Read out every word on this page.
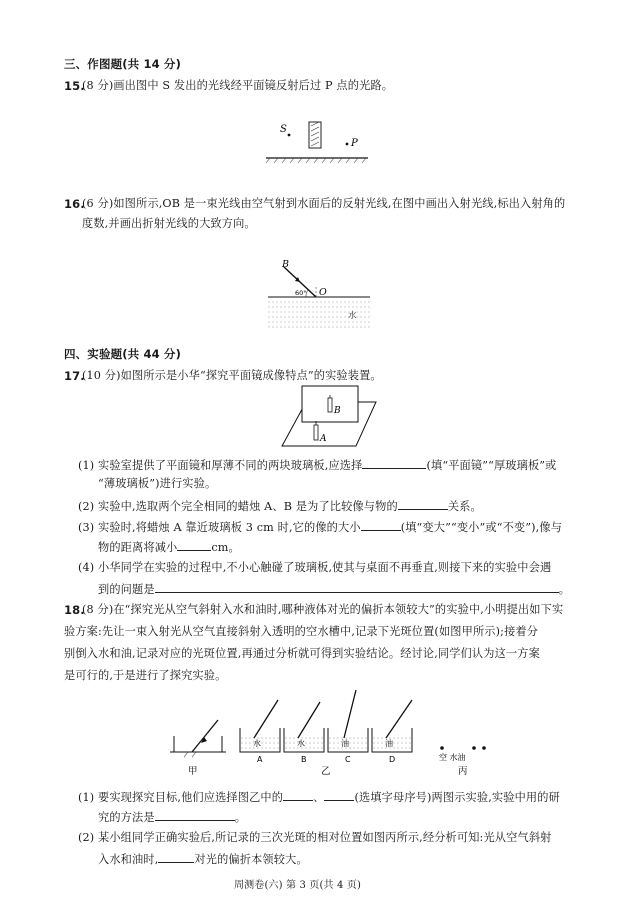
三、作图题(共 14 分)
15.
(8 分)画出图中 S 发出的光线经平面镜反射后过 P 点的光路。
S
P
16.
(6 分)如图所示,OB 是一束光线由空气射到水面后的反射光线,在图中画出入射光线,标出入射角的
度数,并画出折射光线的大致方向。
B
O
60°
水
四、实验题(共 44 分)
17.
(10 分)如图所示是小华“探究平面镜成像特点”的实验装置。
B
A
(1) 实验室提供了平面镜和厚薄不同的两块玻璃板,应选择	(填“平面镜”“厚玻璃板”或
“薄玻璃板”)进行实验。
(2) 实验中,选取两个完全相同的蜡烛 A、B 是为了比较像与物的	关系。
(3) 实验时,将蜡烛 A 靠近玻璃板 3 cm 时,它的像的大小	(填“变大”“变小”或“不变”),像与
物的距离将减小	cm。
(4) 小华同学在实验的过程中,不小心触碰了玻璃板,使其与桌面不再垂直,则接下来的实验中会遇
到的问题是	。
18.
(8 分)在“探究光从空气斜射入水和油时,哪种液体对光的偏折本领较大”的实验中,小明提出如下实
验方案:先让一束入射光从空气直接斜射入透明的空水槽中,记录下光斑位置(如图甲所示);接着分
别倒入水和油,记录对应的光斑位置,再通过分析就可得到实验结论。经讨论,同学们认为这一方案
是可行的,于是进行了探究实验。
甲
水	水	油	油
A	B	C	D
乙
空 水油
丙
(1) 要实现探究目标,他们应选择图乙中的	、	(选填字母序号)两图示实验,实验中用的研
究的方法是	。
(2) 某小组同学正确实验后,所记录的三次光斑的相对位置如图丙所示,经分析可知:光从空气斜射
入水和油时,	对光的偏折本领较大。
周测卷(六) 第 3 页(共 4 页)
